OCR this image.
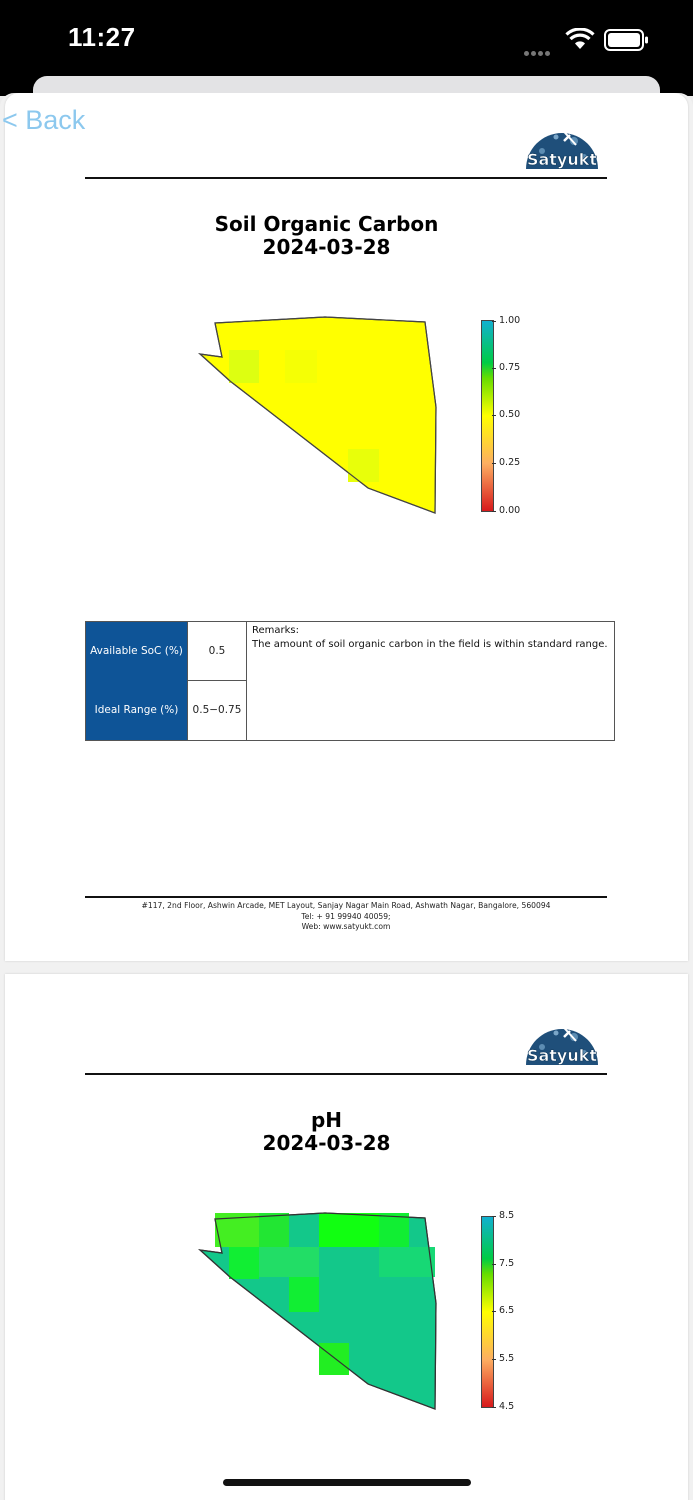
11:27
Satyukt
Soil Organic Carbon
2024-03-28
1.00
0.75
0.50
0.25
0.00
Available SoC (%)
Ideal Range (%)
0.5
0.5−0.75
Remarks:
The amount of soil organic carbon in the field is within standard range.
#117, 2nd Floor, Ashwin Arcade, MET Layout, Sanjay Nagar Main Road, Ashwath Nagar, Bangalore, 560094
Tel: + 91 99940 40059;
Web: www.satyukt.com
Satyukt
pH
2024-03-28
8.5
7.5
6.5
5.5
4.5
< Back
